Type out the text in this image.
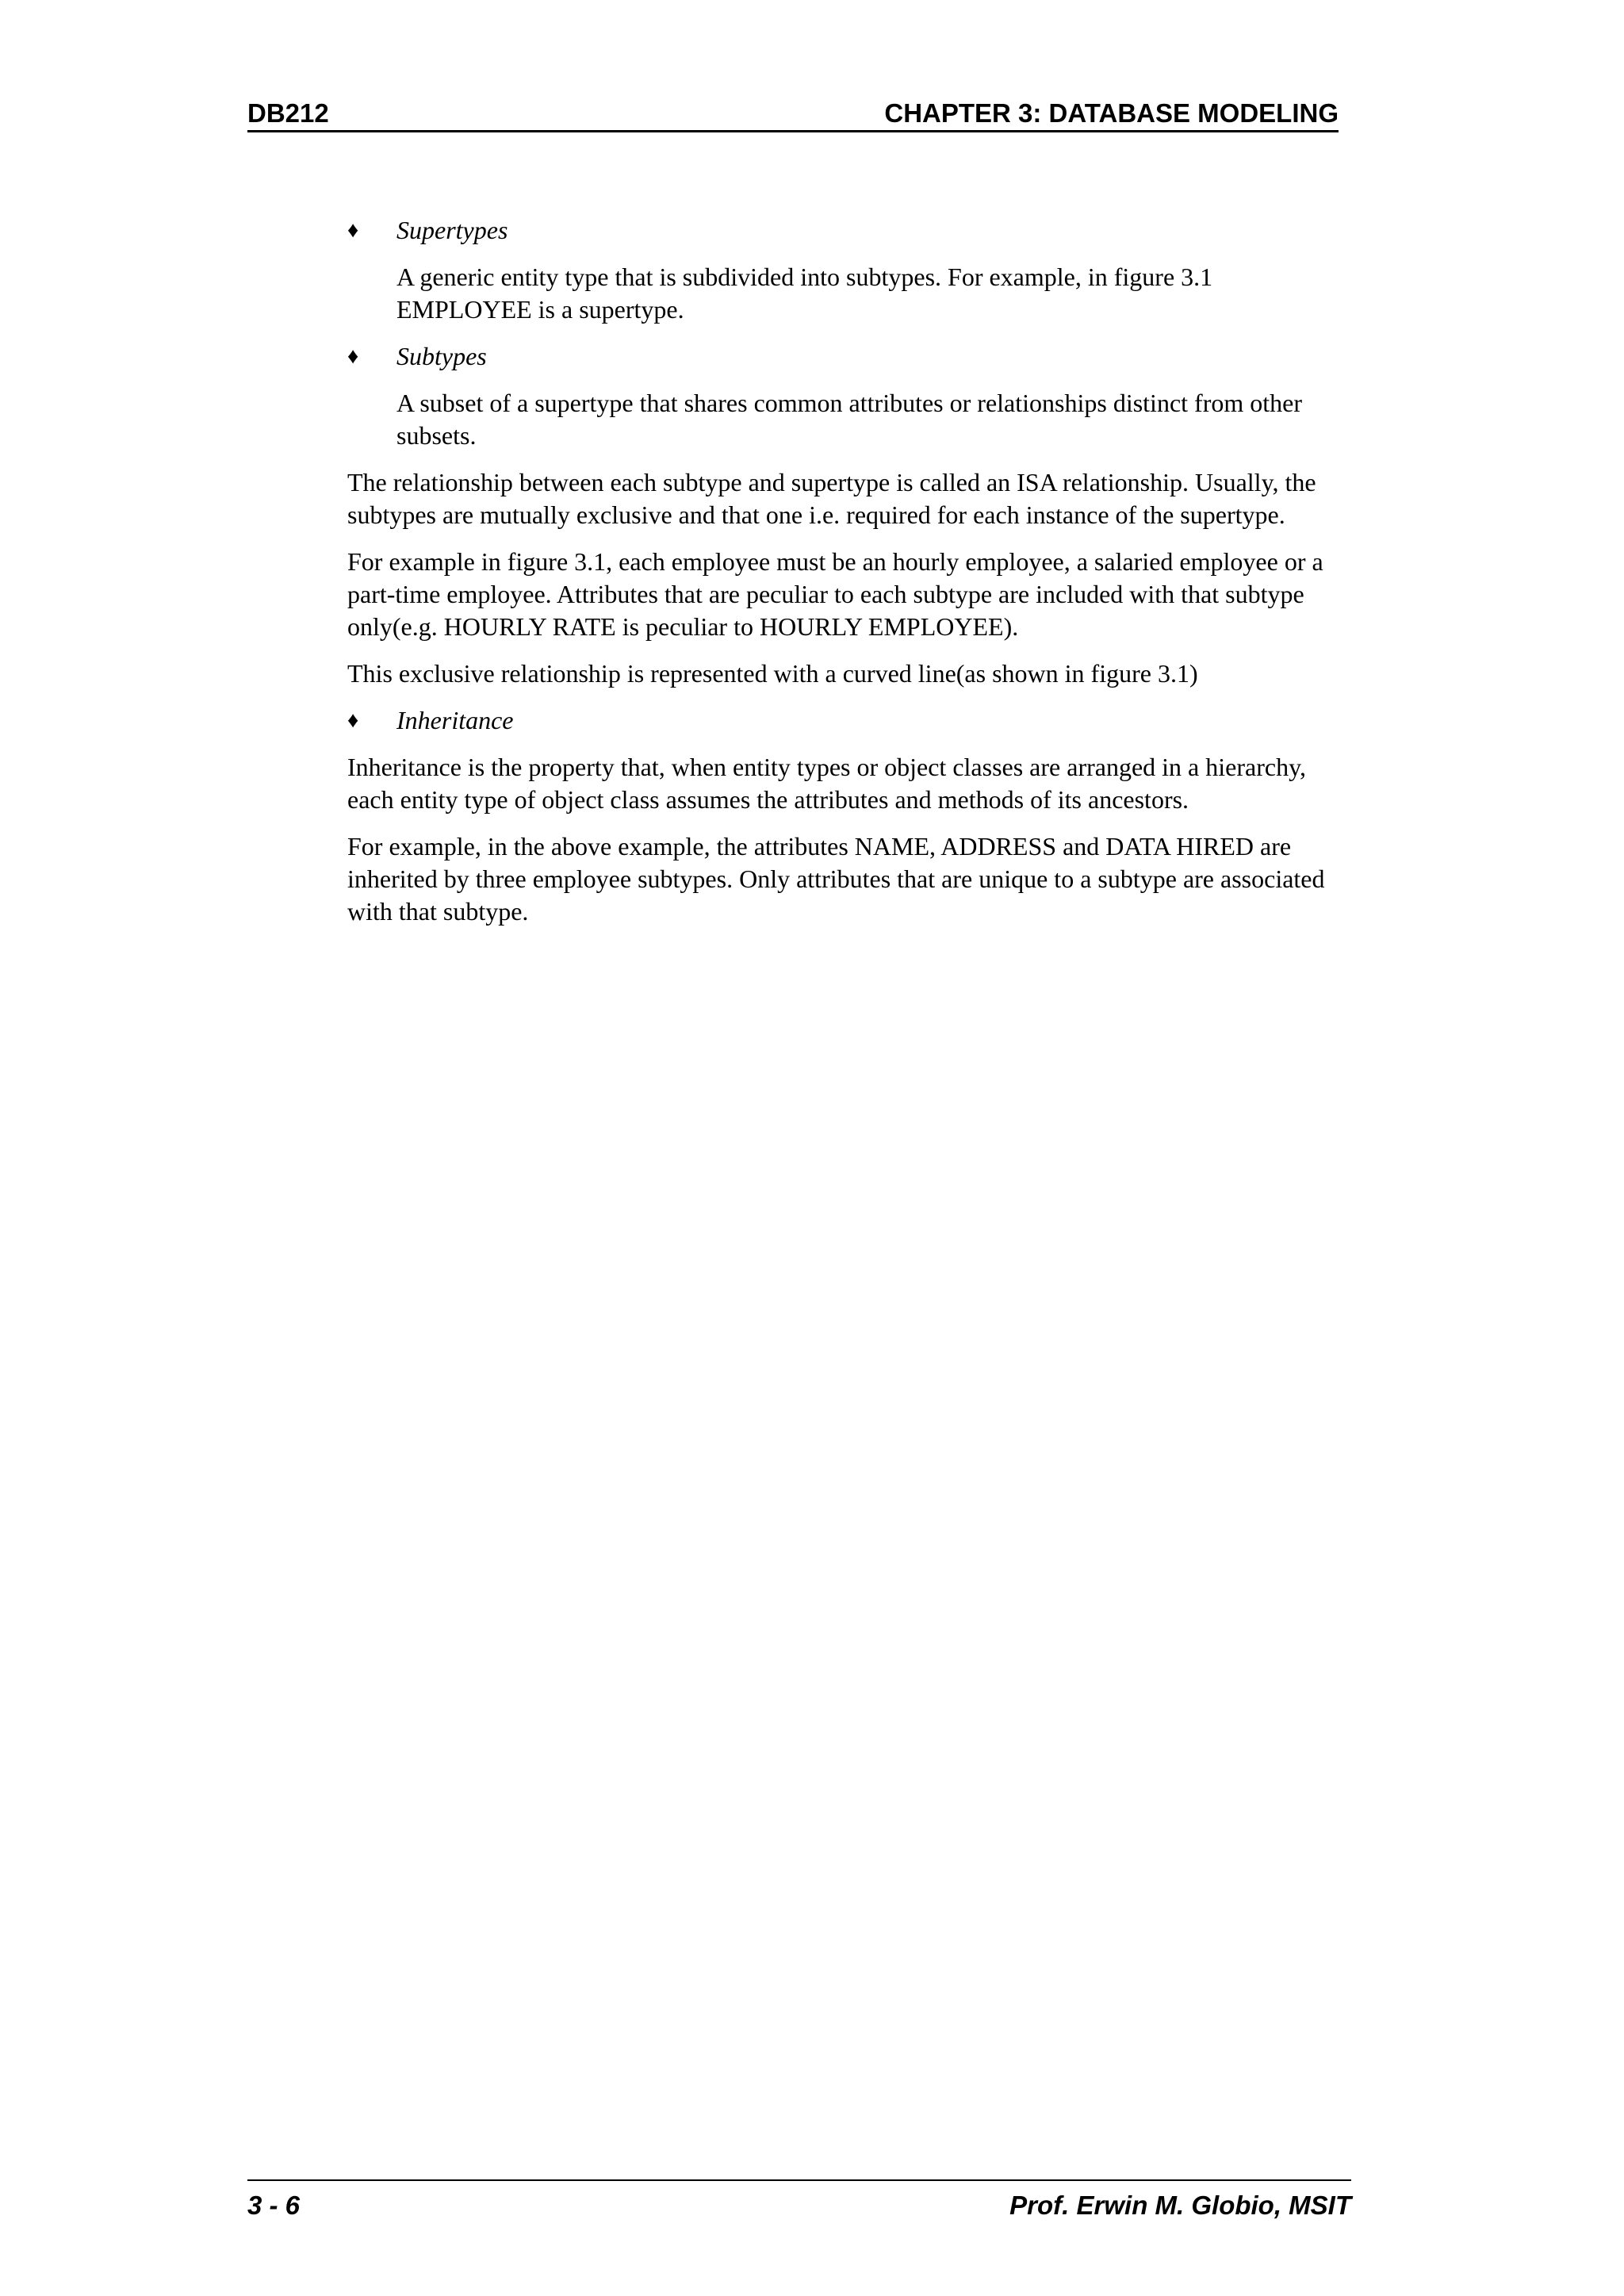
DB212	CHAPTER 3: DATABASE MODELING
♦ Supertypes

A generic entity type that is subdivided into subtypes. For example, in figure 3.1 EMPLOYEE is a supertype.

♦ Subtypes

A subset of a supertype that shares common attributes or relationships distinct from other subsets.

The relationship between each subtype and supertype is called an ISA relationship. Usually, the subtypes are mutually exclusive and that one i.e. required for each instance of the supertype.

For example in figure 3.1, each employee must be an hourly employee, a salaried employee or a part-time employee. Attributes that are peculiar to each subtype are included with that subtype only(e.g. HOURLY RATE is peculiar to HOURLY EMPLOYEE).

This exclusive relationship is represented with a curved line(as shown in figure 3.1)

♦ Inheritance

Inheritance is the property that, when entity types or object classes are arranged in a hierarchy, each entity type of object class assumes the attributes and methods of its ancestors.

For example, in the above example, the attributes NAME, ADDRESS and DATA HIRED are inherited by three employee subtypes. Only attributes that are unique to a subtype are associated with that subtype.

3 - 6	Prof. Erwin M. Globio, MSIT
